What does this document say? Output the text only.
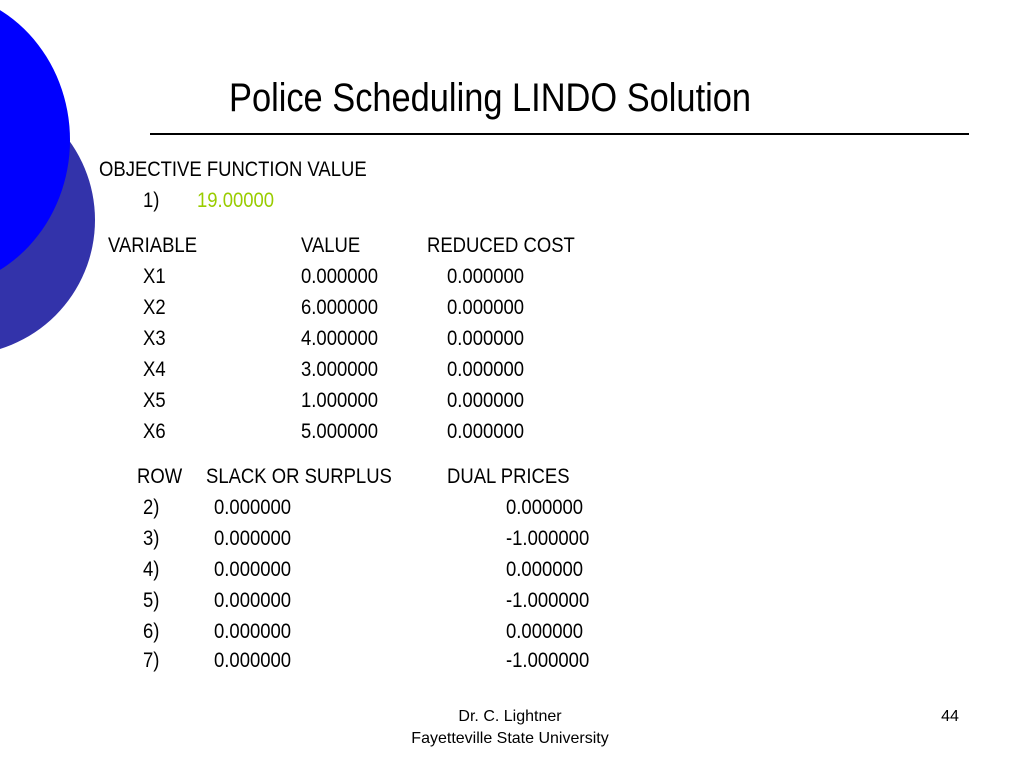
Police Scheduling LINDO Solution
OBJECTIVE FUNCTION VALUE
1) 19.00000
VARIABLE	VALUE	REDUCED COST
X1	0.000000	0.000000
X2	6.000000	0.000000
X3	4.000000	0.000000
X4	3.000000	0.000000
X5	1.000000	0.000000
X6	5.000000	0.000000
ROW SLACK OR SURPLUS	DUAL PRICES
2)	0.000000	0.000000
3)	0.000000	-1.000000
4)	0.000000	0.000000
5)	0.000000	-1.000000
6)	0.000000	0.000000
7)	0.000000	-1.000000
Dr. C. Lightner
Fayetteville State University
44
